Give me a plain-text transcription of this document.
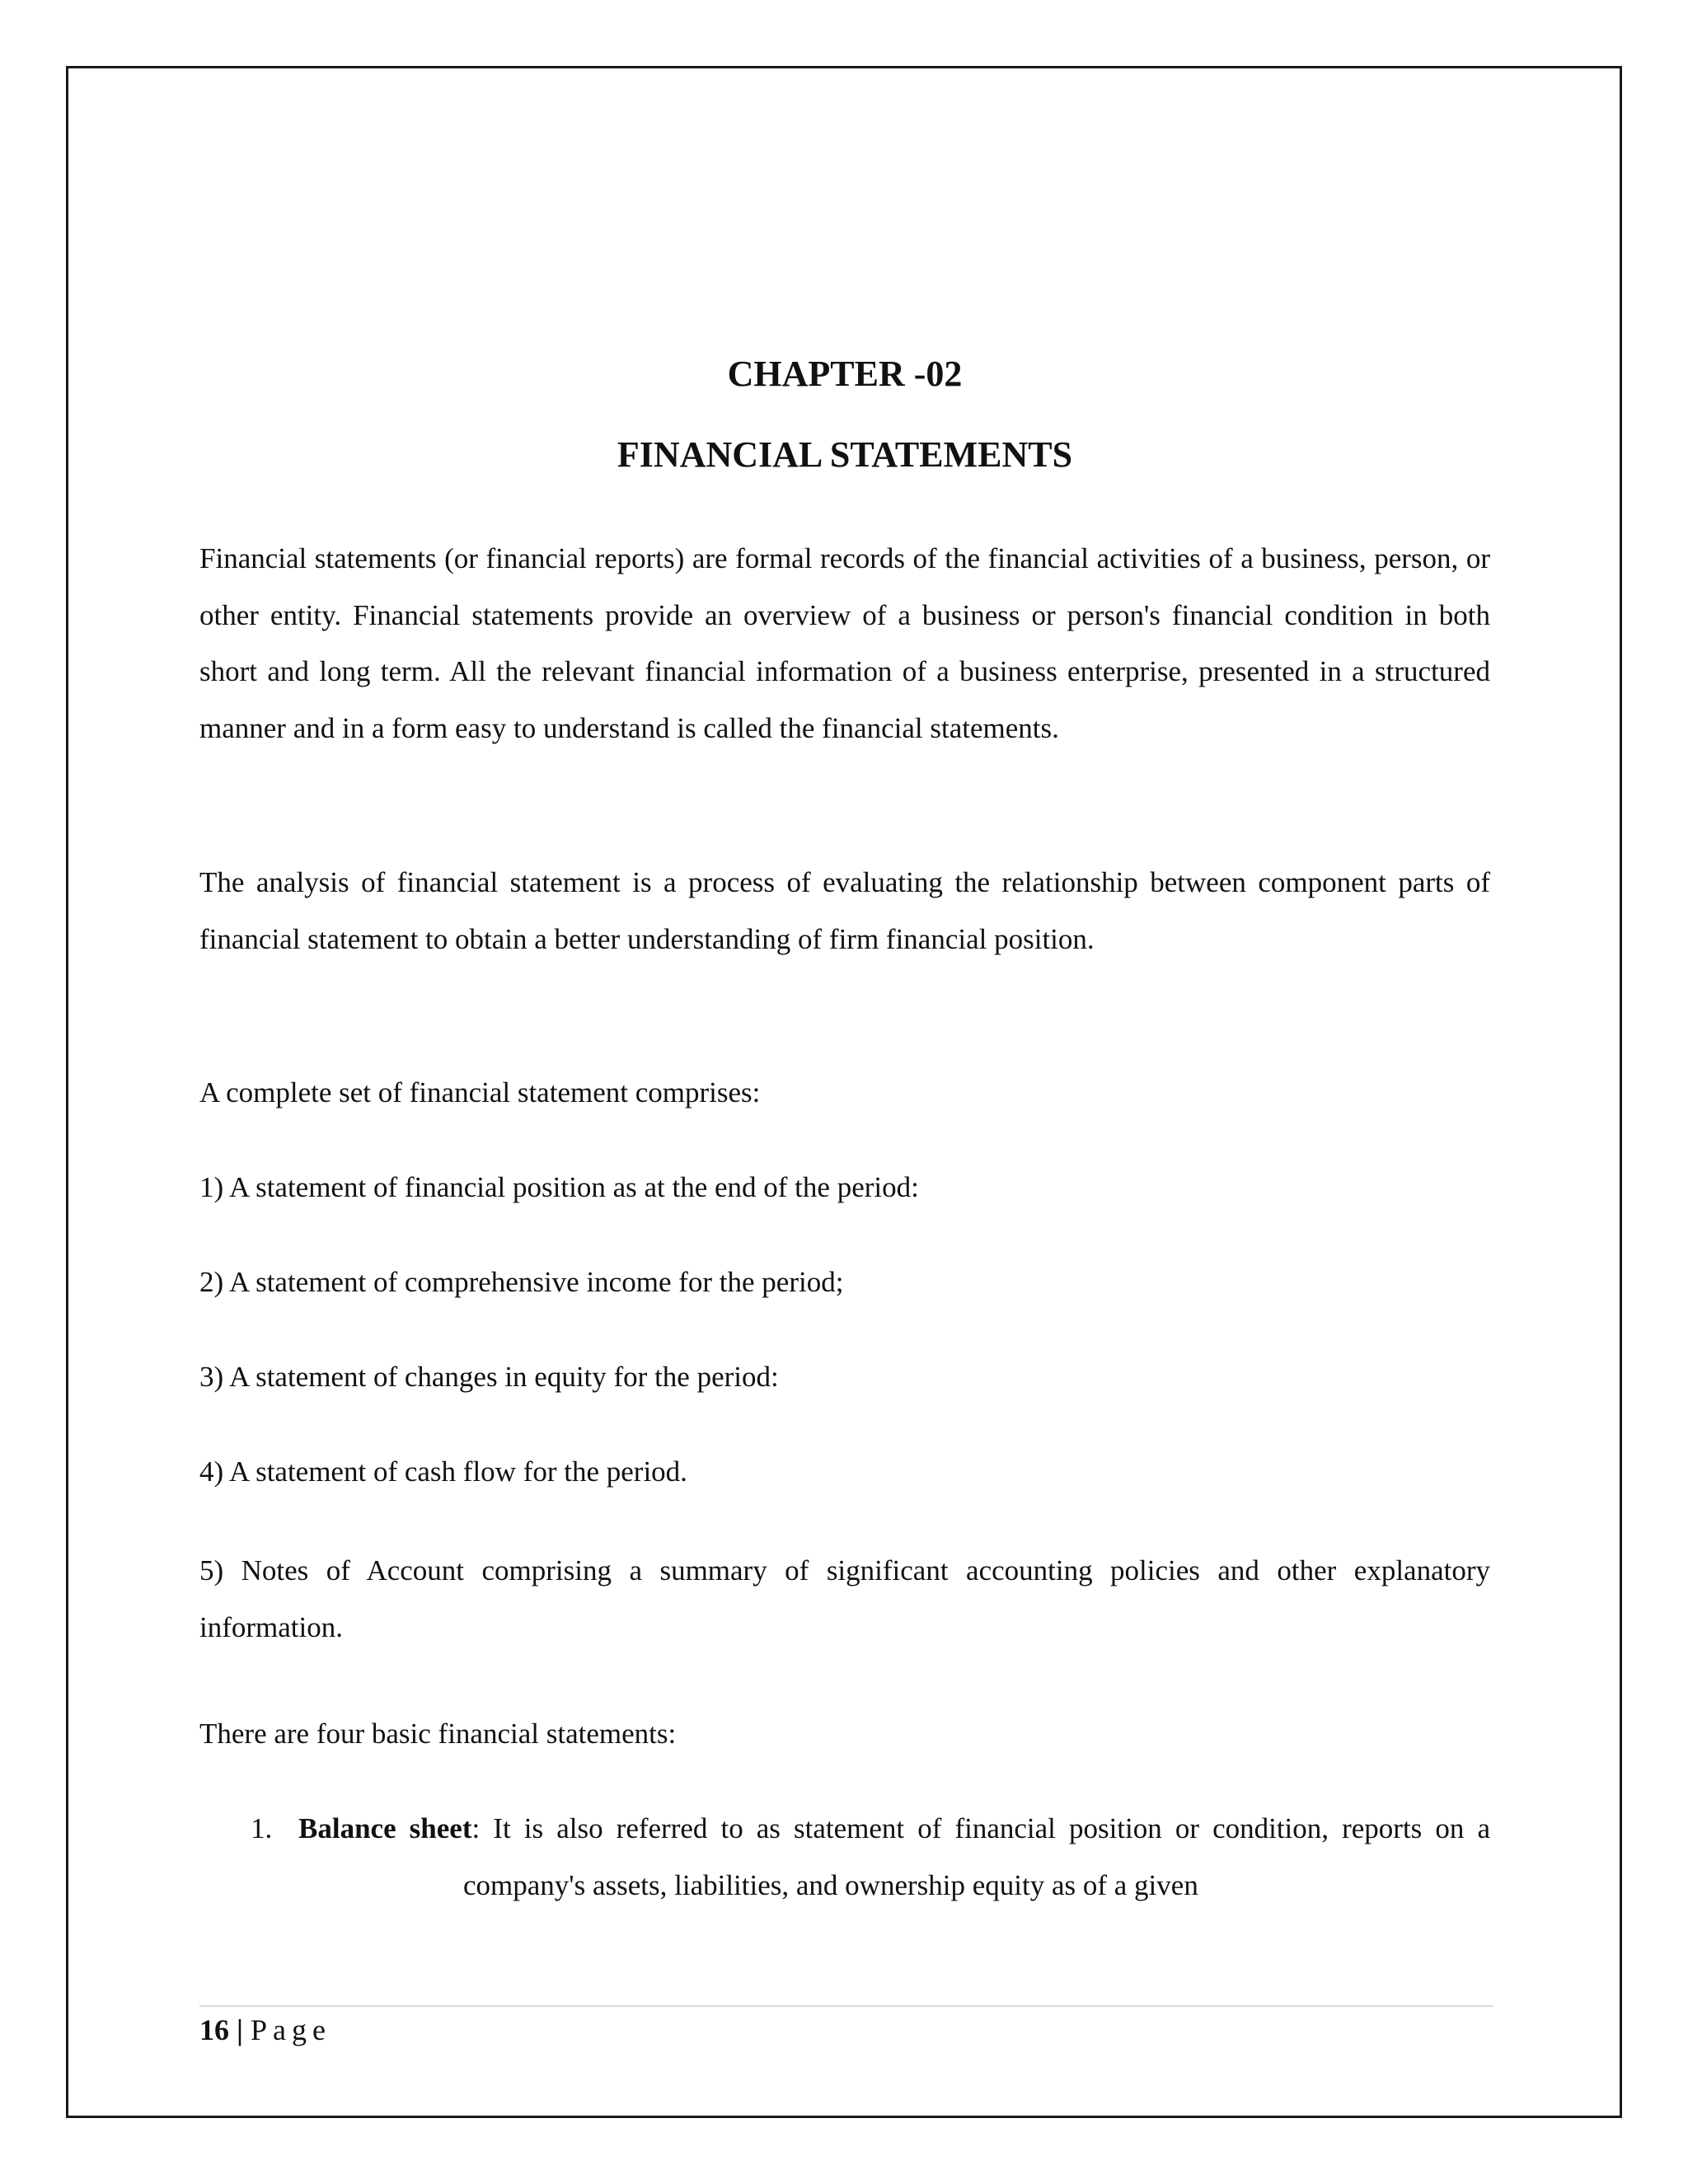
CHAPTER -02
FINANCIAL STATEMENTS

Financial statements (or financial reports) are formal records of the financial activities of a business, person, or other entity. Financial statements provide an overview of a business or person's financial condition in both short and long term. All the relevant financial information of a business enterprise, presented in a structured manner and in a form easy to understand is called the financial statements.

The analysis of financial statement is a process of evaluating the relationship between component parts of financial statement to obtain a better understanding of firm financial position.

A complete set of financial statement comprises:

1) A statement of financial position as at the end of the period:

2) A statement of comprehensive income for the period;

3) A statement of changes in equity for the period:

4) A statement of cash flow for the period.

5) Notes of Account comprising a summary of significant accounting policies and other explanatory information.

There are four basic financial statements:

1. Balance sheet: It is also referred to as statement of financial position or condition, reports on acompany's assets, liabilities, and ownership equity as of a given

16 | Page
